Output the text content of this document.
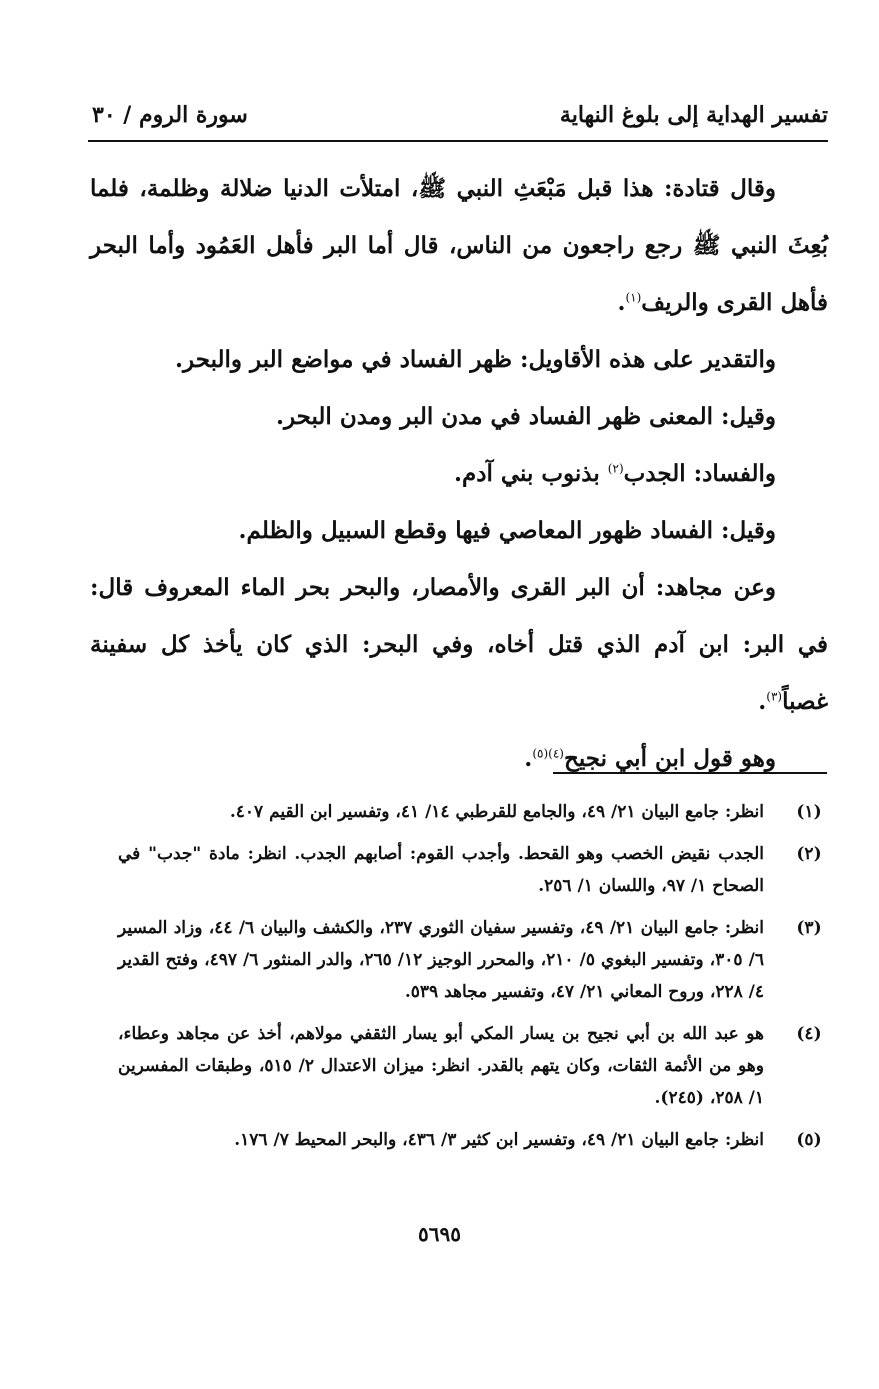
تفسير الهداية إلى بلوغ النهاية
سورة الروم / ٣٠

وقال قتادة: هذا قبل مَبْعَثِ النبي ﷺ، امتلأت الدنيا ضلالة وظلمة، فلما بُعِثَ النبي ﷺ رجع راجعون من الناس، قال أما البر فأهل العَمُود وأما البحر فأهل القرى والريف$^{(١)}$.

والتقدير على هذه الأقاويل: ظهر الفساد في مواضع البر والبحر.

وقيل: المعنى ظهر الفساد في مدن البر ومدن البحر.

والفساد: الجدب$^{(٢)}$ بذنوب بني آدم.

وقيل: الفساد ظهور المعاصي فيها وقطع السبيل والظلم.

وعن مجاهد: أن البر القرى والأمصار، والبحر بحر الماء المعروف قال: في البر: ابن آدم الذي قتل أخاه، وفي البحر: الذي كان يأخذ كل سفينة غصباً$^{(٣)}$.

وهو قول ابن أبي نجيح$^{(٤)(٥)}$.

(١)
انظر: جامع البيان ٢١/ ٤٩، والجامع للقرطبي ١٤/ ٤١، وتفسير ابن القيم ٤٠٧.
(٢)
الجدب نقيض الخصب وهو القحط. وأجدب القوم: أصابهم الجدب. انظر: مادة "جدب" في الصحاح ١/ ٩٧، واللسان ١/ ٢٥٦.
(٣)
انظر: جامع البيان ٢١/ ٤٩، وتفسير سفيان الثوري ٢٣٧، والكشف والبيان ٦/ ٤٤، وزاد المسير ٦/ ٣٠٥، وتفسير البغوي ٥/ ٢١٠، والمحرر الوجيز ١٢/ ٢٦٥، والدر المنثور ٦/ ٤٩٧، وفتح القدير ٤/ ٢٢٨، وروح المعاني ٢١/ ٤٧، وتفسير مجاهد ٥٣٩.
(٤)
هو عبد الله بن أبي نجيح بن يسار المكي أبو يسار الثقفي مولاهم، أخذ عن مجاهد وعطاء، وهو من الأئمة الثقات، وكان يتهم بالقدر. انظر: ميزان الاعتدال ٢/ ٥١٥، وطبقات المفسرين ١/ ٢٥٨، (٢٤٥).
(٥)
انظر: جامع البيان ٢١/ ٤٩، وتفسير ابن كثير ٣/ ٤٣٦، والبحر المحيط ٧/ ١٧٦.
٥٦٩٥
